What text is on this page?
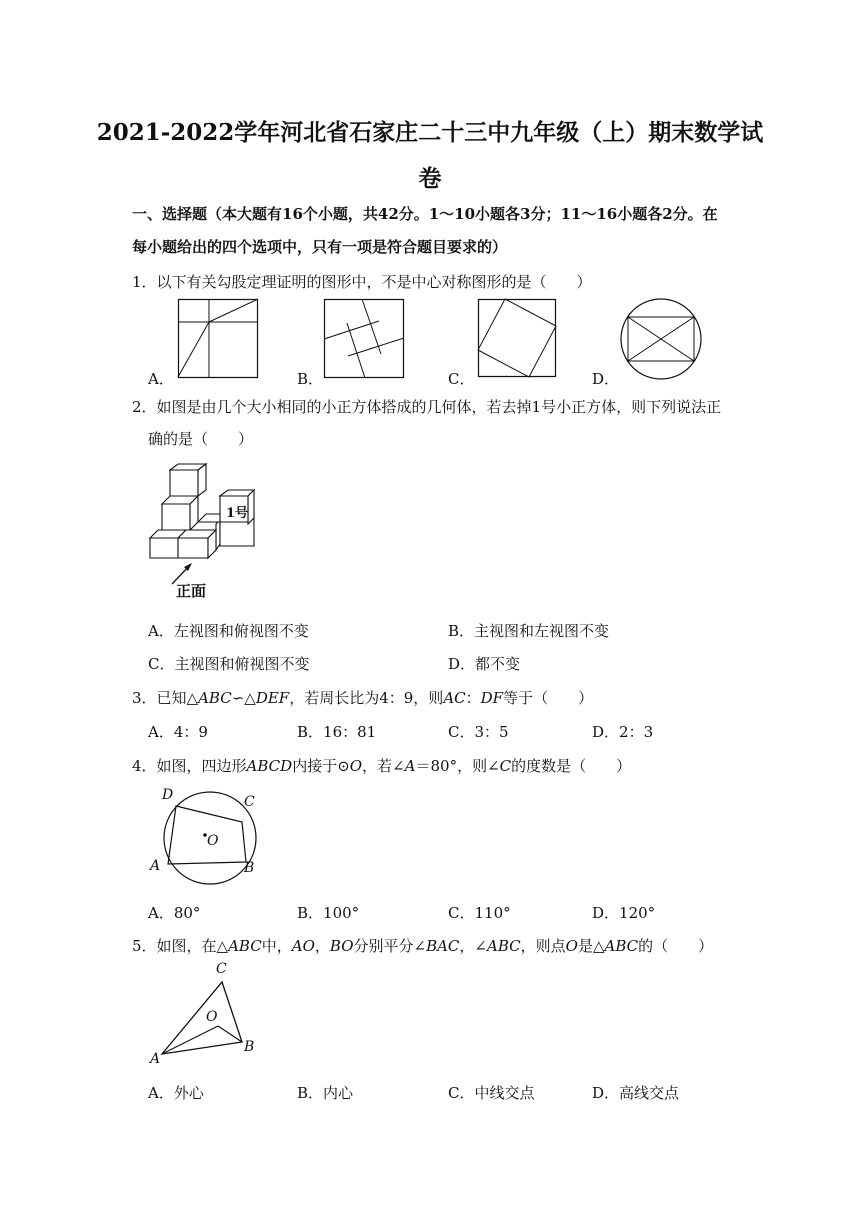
2021-2022学年河北省石家庄二十三中九年级（上）期末数学试
卷
一、选择题（本大题有16个小题，共42分。1～10小题各3分；11～16小题各2分。在
每小题给出的四个选项中，只有一项是符合题目要求的）
1．以下有关勾股定理证明的图形中，不是中心对称图形的是（　　）
A．	B．	C．	D．
2．如图是由几个大小相同的小正方体搭成的几何体，若去掉1号小正方体，则下列说法正
确的是（　　）
1号
正面
A．左视图和俯视图不变	B．主视图和左视图不变
C．主视图和俯视图不变	D．都不变
3．已知△ABC∽△DEF，若周长比为4：9，则AC：DF等于（　　）
A．4：9	B．16：81	C．3：5	D．2：3
4．如图，四边形ABCD内接于⊙O，若∠A＝80°，则∠C的度数是（　　）
D	C
O
A	B
A．80°	B．100°	C．110°	D．120°
5．如图，在△ABC中，AO，BO分别平分∠BAC，∠ABC，则点O是△ABC的（　　）
C
O
A
B
A．外心	B．内心	C．中线交点	D．高线交点
